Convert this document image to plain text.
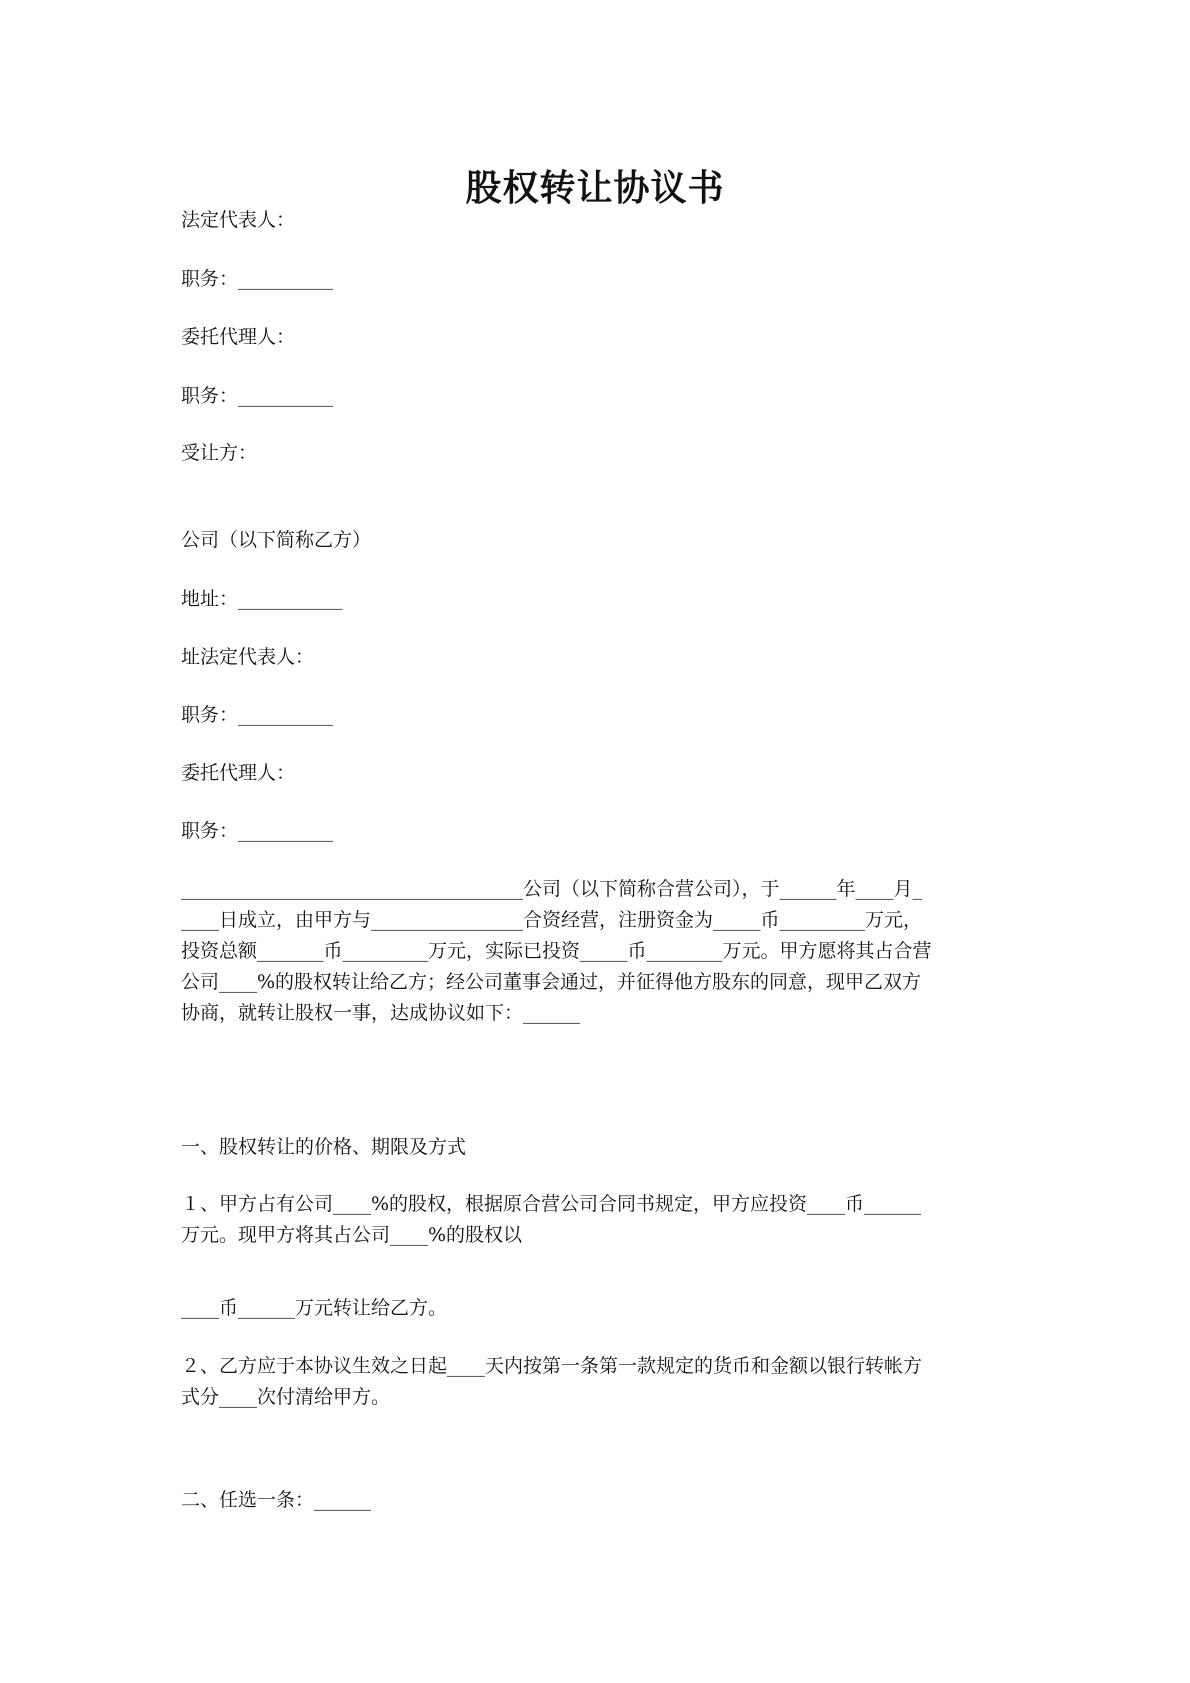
股权转让协议书
法定代表人：
职务：__________
委托代理人：
职务：__________
受让方：
公司（以下简称乙方）
地址：___________
址法定代表人：
职务：__________
委托代理人：
职务：__________
____________________________________公司（以下简称合营公司），于______年____月_
____日成立，由甲方与________________合资经营，注册资金为_____币_________万元，
投资总额_______币_________万元，实际已投资_____币________万元。甲方愿将其占合营
公司____%的股权转让给乙方；经公司董事会通过，并征得他方股东的同意，现甲乙双方
协商，就转让股权一事，达成协议如下：______
一、股权转让的价格、期限及方式
１、甲方占有公司____%的股权，根据原合营公司合同书规定，甲方应投资____币______
万元。现甲方将其占公司____%的股权以
____币______万元转让给乙方。
２、乙方应于本协议生效之日起____天内按第一条第一款规定的货币和金额以银行转帐方
式分____次付清给甲方。
二、任选一条：______
